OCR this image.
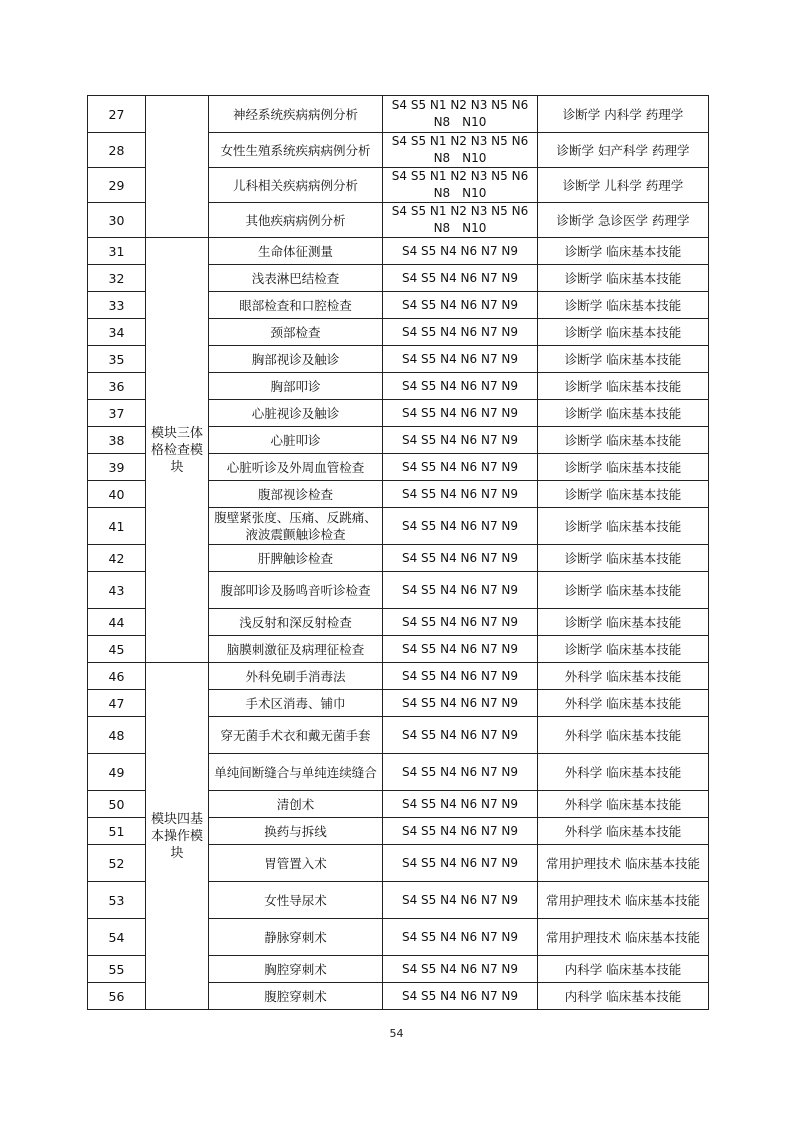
27		神经系统疾病病例分析	S4 S5 N1 N2 N3 N5 N6 N8　N10	诊断学 内科学 药理学
28		女性生殖系统疾病病例分析	S4 S5 N1 N2 N3 N5 N6 N8　N10	诊断学 妇产科学 药理学
29		儿科相关疾病病例分析	S4 S5 N1 N2 N3 N5 N6 N8　N10	诊断学 儿科学 药理学
30		其他疾病病例分析	S4 S5 N1 N2 N3 N5 N6 N8　N10	诊断学 急诊医学 药理学
31	模块三体格检查模块	生命体征测量	S4 S5 N4 N6 N7 N9	诊断学 临床基本技能
32		浅表淋巴结检查	S4 S5 N4 N6 N7 N9	诊断学 临床基本技能
33		眼部检查和口腔检查	S4 S5 N4 N6 N7 N9	诊断学 临床基本技能
34		颈部检查	S4 S5 N4 N6 N7 N9	诊断学 临床基本技能
35		胸部视诊及触诊	S4 S5 N4 N6 N7 N9	诊断学 临床基本技能
36		胸部叩诊	S4 S5 N4 N6 N7 N9	诊断学 临床基本技能
37		心脏视诊及触诊	S4 S5 N4 N6 N7 N9	诊断学 临床基本技能
38		心脏叩诊	S4 S5 N4 N6 N7 N9	诊断学 临床基本技能
39		心脏听诊及外周血管检查	S4 S5 N4 N6 N7 N9	诊断学 临床基本技能
40		腹部视诊检查	S4 S5 N4 N6 N7 N9	诊断学 临床基本技能
41		腹壁紧张度、压痛、反跳痛、液波震颤触诊检查	S4 S5 N4 N6 N7 N9	诊断学 临床基本技能
42		肝脾触诊检查	S4 S5 N4 N6 N7 N9	诊断学 临床基本技能
43		腹部叩诊及肠鸣音听诊检查	S4 S5 N4 N6 N7 N9	诊断学 临床基本技能
44		浅反射和深反射检查	S4 S5 N4 N6 N7 N9	诊断学 临床基本技能
45		脑膜刺激征及病理征检查	S4 S5 N4 N6 N7 N9	诊断学 临床基本技能
46	模块四基本操作模块	外科免刷手消毒法	S4 S5 N4 N6 N7 N9	外科学 临床基本技能
47		手术区消毒、铺巾	S4 S5 N4 N6 N7 N9	外科学 临床基本技能
48		穿无菌手术衣和戴无菌手套	S4 S5 N4 N6 N7 N9	外科学 临床基本技能
49		单纯间断缝合与单纯连续缝合	S4 S5 N4 N6 N7 N9	外科学 临床基本技能
50		清创术	S4 S5 N4 N6 N7 N9	外科学 临床基本技能
51		换药与拆线	S4 S5 N4 N6 N7 N9	外科学 临床基本技能
52		胃管置入术	S4 S5 N4 N6 N7 N9	常用护理技术 临床基本技能
53		女性导尿术	S4 S5 N4 N6 N7 N9	常用护理技术 临床基本技能
54		静脉穿刺术	S4 S5 N4 N6 N7 N9	常用护理技术 临床基本技能
55		胸腔穿刺术	S4 S5 N4 N6 N7 N9	内科学 临床基本技能
56		腹腔穿刺术	S4 S5 N4 N6 N7 N9	内科学 临床基本技能
54
